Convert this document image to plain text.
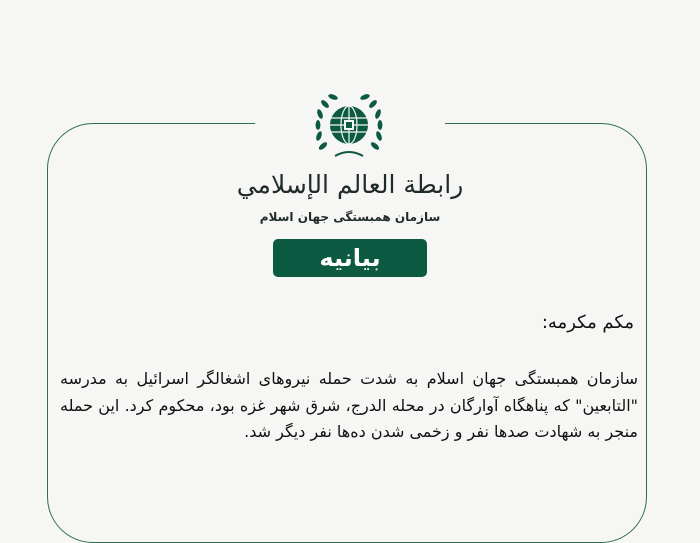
رابطة العالم الإسلامي
سازمان همبستگی جهان اسلام
بیانیه
مکم مکرمه:
سازمان همبستگی جهان اسلام به شدت حمله نیروهای اشغالگر اسرائیل به مدرسه "التابعین" که پناهگاه آوارگان در محله الدرج، شرق شهر غزه بود، محکوم کرد. این حمله منجر به شهادت صدها نفر و زخمی شدن ده‌ها نفر دیگر شد.
